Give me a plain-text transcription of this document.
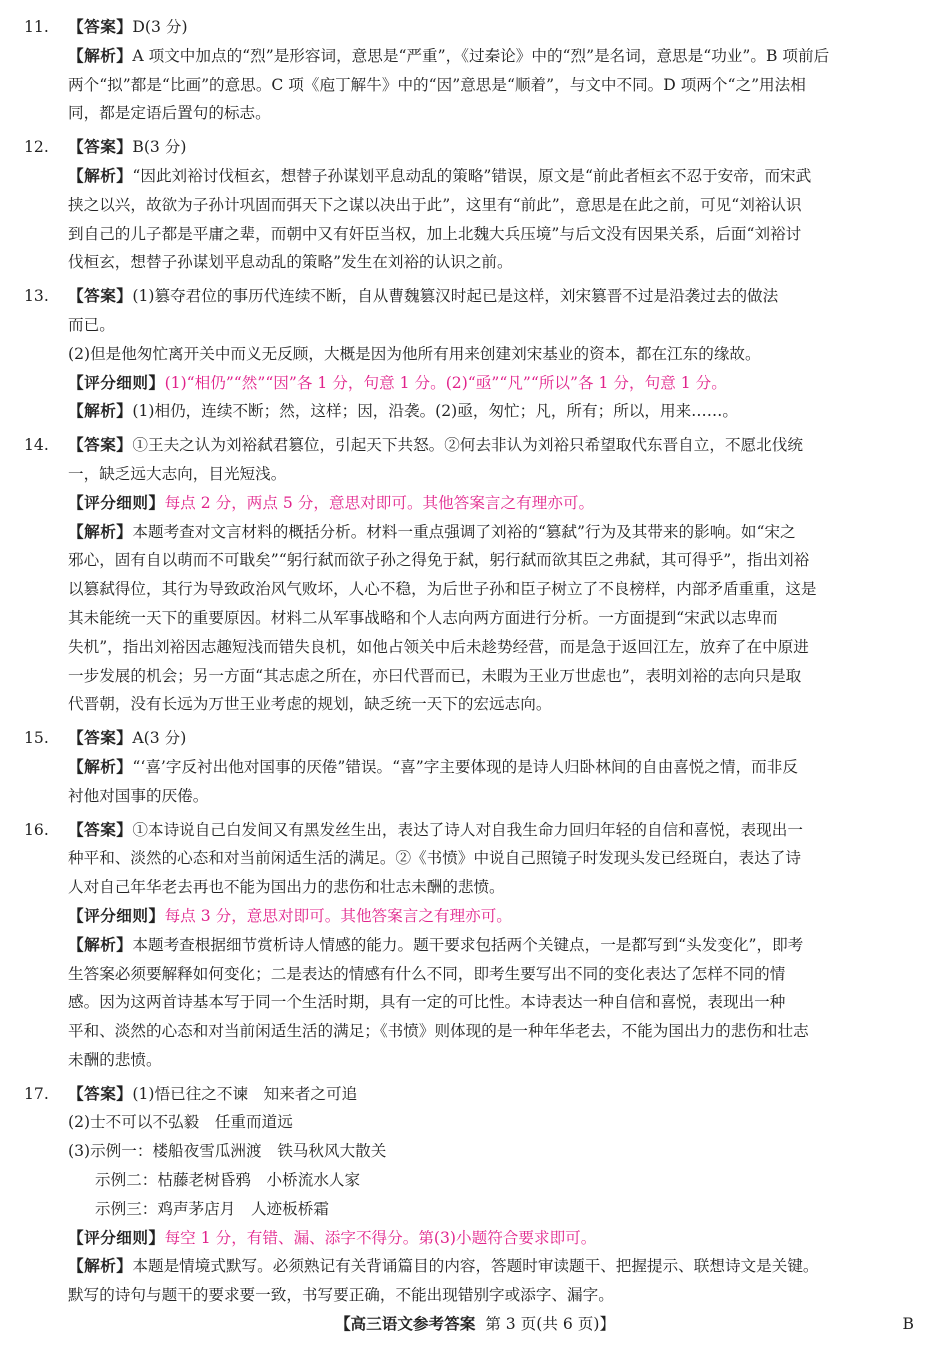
11. 【答案】D(3 分)
【解析】A 项文中加点的“烈”是形容词，意思是“严重”，《过秦论》中的“烈”是名词，意思是“功业”。B 项前后
两个“拟”都是“比画”的意思。C 项《庖丁解牛》中的“因”意思是“顺着”，与文中不同。D 项两个“之”用法相
同，都是定语后置句的标志。
12. 【答案】B(3 分)
【解析】“因此刘裕讨伐桓玄，想替子孙谋划平息动乱的策略”错误，原文是“前此者桓玄不忍于安帝，而宋武
挟之以兴，故欲为子孙计巩固而弭天下之谋以决出于此”，这里有“前此”，意思是在此之前，可见“刘裕认识
到自己的儿子都是平庸之辈，而朝中又有奸臣当权，加上北魏大兵压境”与后文没有因果关系，后面“刘裕讨
伐桓玄，想替子孙谋划平息动乱的策略”发生在刘裕的认识之前。
13. 【答案】(1)篡夺君位的事历代连续不断，自从曹魏篡汉时起已是这样，刘宋篡晋不过是沿袭过去的做法
而已。
(2)但是他匆忙离开关中而义无反顾，大概是因为他所有用来创建刘宋基业的资本，都在江东的缘故。
【评分细则】(1)“相仍”“然”“因”各 1 分，句意 1 分。(2)“亟”“凡”“所以”各 1 分，句意 1 分。
【解析】(1)相仍，连续不断；然，这样；因，沿袭。(2)亟，匆忙；凡，所有；所以，用来……。
14. 【答案】①王夫之认为刘裕弑君篡位，引起天下共怒。②何去非认为刘裕只希望取代东晋自立，不愿北伐统
一，缺乏远大志向，目光短浅。
【评分细则】每点 2 分，两点 5 分，意思对即可。其他答案言之有理亦可。
【解析】本题考查对文言材料的概括分析。材料一重点强调了刘裕的“篡弑”行为及其带来的影响。如“宋之
邪心，固有自以萌而不可戢矣”“躬行弑而欲子孙之得免于弑，躬行弑而欲其臣之弗弑，其可得乎”，指出刘裕
以篡弑得位，其行为导致政治风气败坏，人心不稳，为后世子孙和臣子树立了不良榜样，内部矛盾重重，这是
其未能统一天下的重要原因。材料二从军事战略和个人志向两方面进行分析。一方面提到“宋武以志卑而
失机”，指出刘裕因志趣短浅而错失良机，如他占领关中后未趁势经营，而是急于返回江左，放弃了在中原进
一步发展的机会；另一方面“其志虑之所在，亦曰代晋而已，未暇为王业万世虑也”，表明刘裕的志向只是取
代晋朝，没有长远为万世王业考虑的规划，缺乏统一天下的宏远志向。
15. 【答案】A(3 分)
【解析】“‘喜’字反衬出他对国事的厌倦”错误。“喜”字主要体现的是诗人归卧林间的自由喜悦之情，而非反
衬他对国事的厌倦。
16. 【答案】①本诗说自己白发间又有黑发丝生出，表达了诗人对自我生命力回归年轻的自信和喜悦，表现出一
种平和、淡然的心态和对当前闲适生活的满足。②《书愤》中说自己照镜子时发现头发已经斑白，表达了诗
人对自己年华老去再也不能为国出力的悲伤和壮志未酬的悲愤。
【评分细则】每点 3 分，意思对即可。其他答案言之有理亦可。
【解析】本题考查根据细节赏析诗人情感的能力。题干要求包括两个关键点，一是都写到“头发变化”，即考
生答案必须要解释如何变化；二是表达的情感有什么不同，即考生要写出不同的变化表达了怎样不同的情
感。因为这两首诗基本写于同一个生活时期，具有一定的可比性。本诗表达一种自信和喜悦，表现出一种
平和、淡然的心态和对当前闲适生活的满足；《书愤》则体现的是一种年华老去，不能为国出力的悲伤和壮志
未酬的悲愤。
17. 【答案】(1)悟已往之不谏　知来者之可追
(2)士不可以不弘毅　任重而道远
(3)示例一：楼船夜雪瓜洲渡　铁马秋风大散关
示例二：枯藤老树昏鸦　小桥流水人家
示例三：鸡声茅店月　人迹板桥霜
【评分细则】每空 1 分，有错、漏、添字不得分。第(3)小题符合要求即可。
【解析】本题是情境式默写。必须熟记有关背诵篇目的内容，答题时审读题干、把握提示、联想诗文是关键。
默写的诗句与题干的要求要一致，书写要正确，不能出现错别字或添字、漏字。
【高三语文参考答案 第 3 页(共 6 页)】	B
